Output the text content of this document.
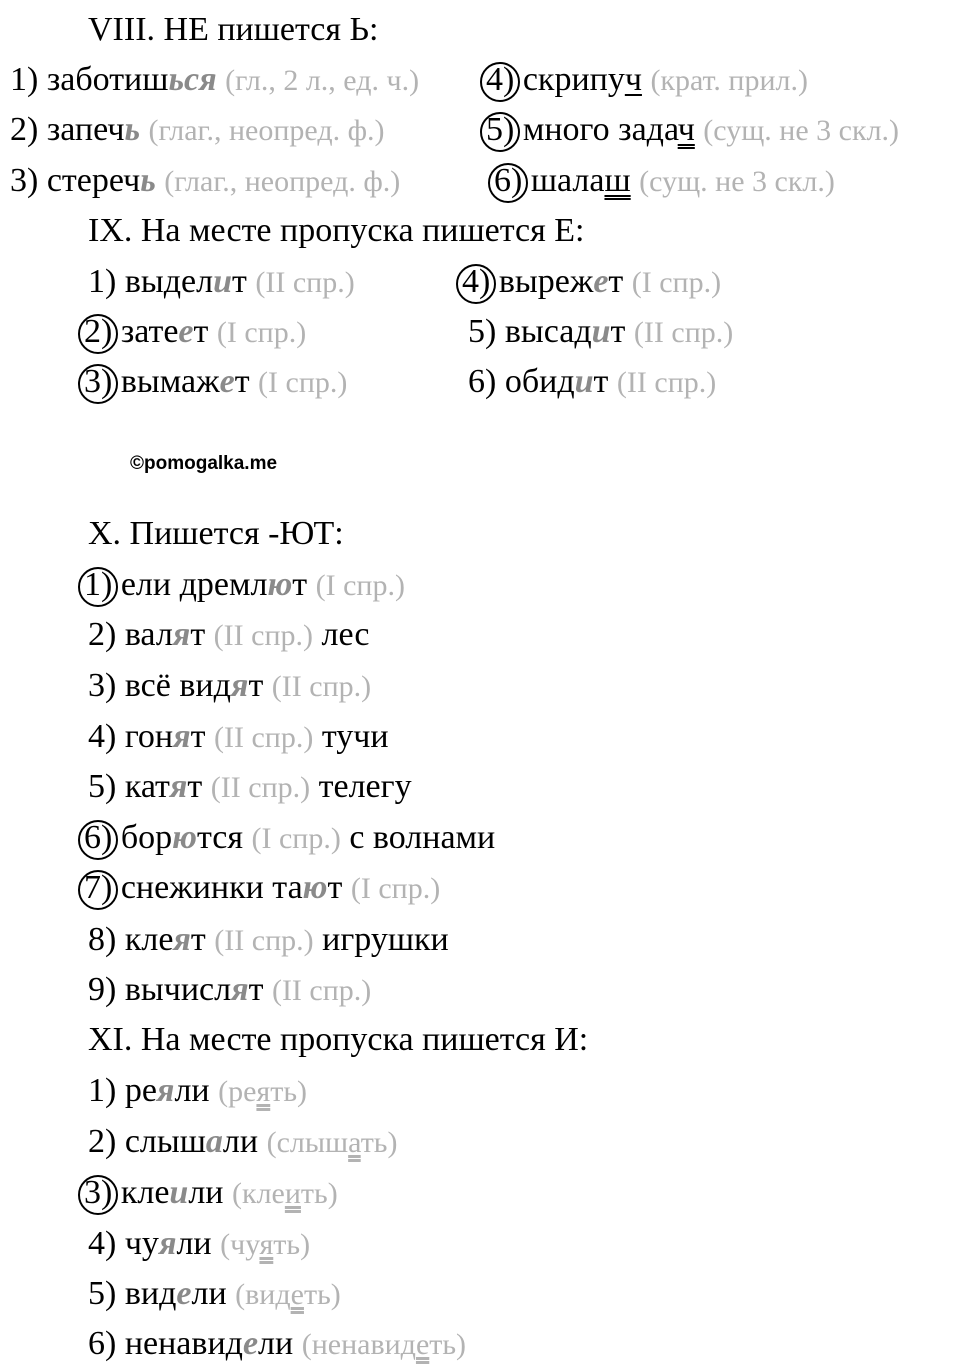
VIII. НЕ пишется Ь:
1) заботишься (гл., 2 л., ед. ч.) 4) скрипуч (крат. прил.)
2) запечь (глаг., неопред. ф.)	5) много задач (сущ. не 3 скл.)
3) стеречь (глаг., неопред. ф.)	6) шалаш (сущ. не 3 скл.)
IX. На месте пропуска пишется Е:
1) выделит (II спр.)	4) вырежет (I спр.)
2) затеет (I спр.)	5) высадит (II спр.)
3) вымажет (I спр.)	6) обидит (II спр.)
©pomogalka.me
X. Пишется -ЮТ:
1) ели дремлют (I спр.)
2) валят (II спр.) лес
3) всё видят (II спр.)
4) гонят (II спр.) тучи
5) катят (II спр.) телегу
6) борются (I спр.) с волнами
7) снежинки тают (I спр.)
8) клеят (II спр.) игрушки
9) вычислят (II спр.)
XI. На месте пропуска пишется И:
1) реяли (реять)
2) слышали (слышать)
3) клеили (клеить)
4) чуяли (чуять)
5) видели (видеть)
6) ненавидели (ненавидеть)
